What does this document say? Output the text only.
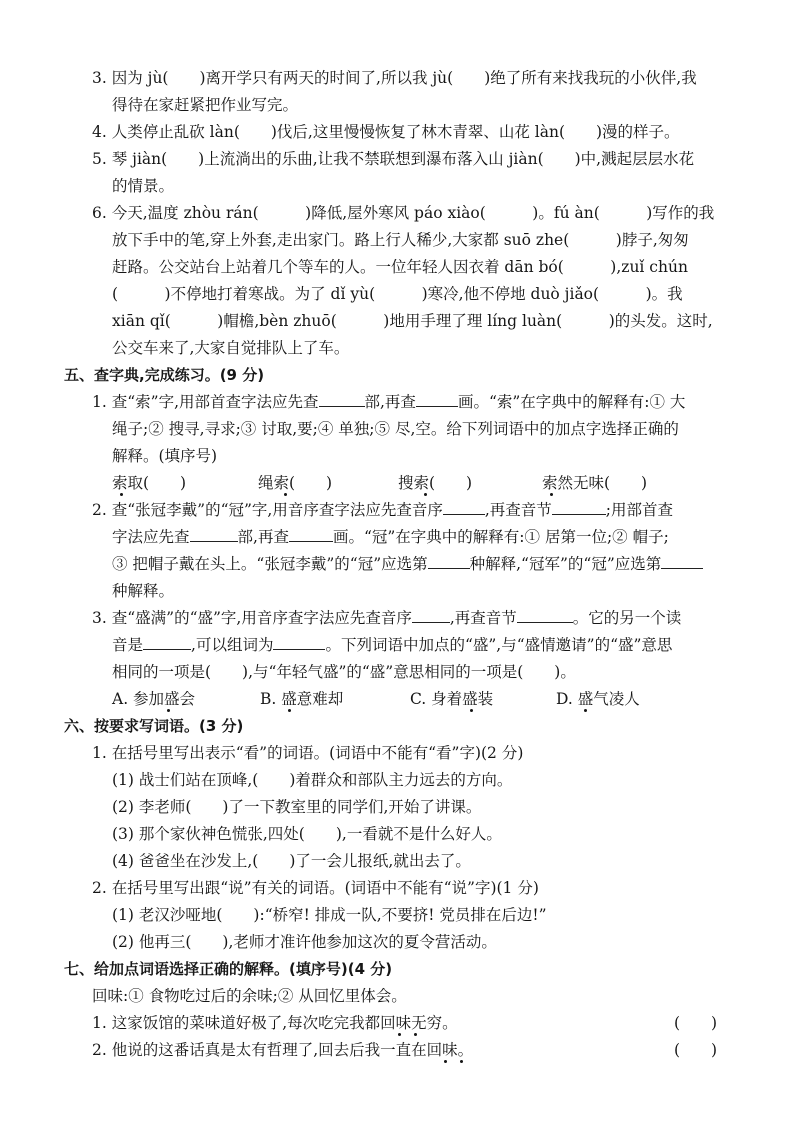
3. 因为 jù(　　)离开学只有两天的时间了,所以我 jù(　　)绝了所有来找我玩的小伙伴,我
得待在家赶紧把作业写完。
4. 人类停止乱砍 làn(　　)伐后,这里慢慢恢复了林木青翠、山花 làn(　　)漫的样子。
5. 琴 jiàn(　　)上流淌出的乐曲,让我不禁联想到瀑布落入山 jiàn(　　)中,溅起层层水花
的情景。
6. 今天,温度 zhòu rán(　　　)降低,屋外寒风 páo xiào(　　　)。fú àn(　　　)写作的我
放下手中的笔,穿上外套,走出家门。路上行人稀少,大家都 suō zhe(　　　)脖子,匆匆
赶路。公交站台上站着几个等车的人。一位年轻人因衣着 dān bó(　　　),zuǐ chún
(　　　)不停地打着寒战。为了 dǐ yù(　　　)寒冷,他不停地 duò jiǎo(　　　)。我
xiān qǐ(　　　)帽檐,bèn zhuō(　　　)地用手理了理 líng luàn(　　　)的头发。这时,
公交车来了,大家自觉排队上了车。
五、查字典,完成练习。(9 分)
1. 查“索”字,用部首查字法应先查	部,再查	画。“索”在字典中的解释有:① 大
绳子;② 搜寻,寻求;③ 讨取,要;④ 单独;⑤ 尽,空。给下列词语中的加点字选择正确的
解释。(填序号)
索取(　　)	绳索(　　)	搜索(　　)	索然无味(　　)
2. 查“张冠李戴”的“冠”字,用音序查字法应先查音序	,再查音节	;用部首查
字法应先查	部,再查	画。“冠”在字典中的解释有:① 居第一位;② 帽子;
③ 把帽子戴在头上。“张冠李戴”的“冠”应选第	种解释,“冠军”的“冠”应选第
种解释。
3. 查“盛满”的“盛”字,用音序查字法应先查音序 ,再查音节	。它的另一个读
音是	,可以组词为	。下列词语中加点的“盛”,与“盛情邀请”的“盛”意思
相同的一项是(　　),与“年轻气盛”的“盛”意思相同的一项是(　　)。
A. 参加盛会	B. 盛意难却	C. 身着盛装	D. 盛气凌人
六、按要求写词语。(3 分)
1. 在括号里写出表示“看”的词语。(词语中不能有“看”字)(2 分)
(1) 战士们站在顶峰,(　　)着群众和部队主力远去的方向。
(2) 李老师(　　)了一下教室里的同学们,开始了讲课。
(3) 那个家伙神色慌张,四处(　　),一看就不是什么好人。
(4) 爸爸坐在沙发上,(　　)了一会儿报纸,就出去了。
2. 在括号里写出跟“说”有关的词语。(词语中不能有“说”字)(1 分)
(1) 老汉沙哑地(　　):“桥窄! 排成一队,不要挤! 党员排在后边!”
(2) 他再三(　　),老师才准许他参加这次的夏令营活动。
七、给加点词语选择正确的解释。(填序号)(4 分)
回味:① 食物吃过后的余味;② 从回忆里体会。
1. 这家饭馆的菜味道好极了,每次吃完我都回味无穷。	(　　)
2. 他说的这番话真是太有哲理了,回去后我一直在回味。	(　　)
